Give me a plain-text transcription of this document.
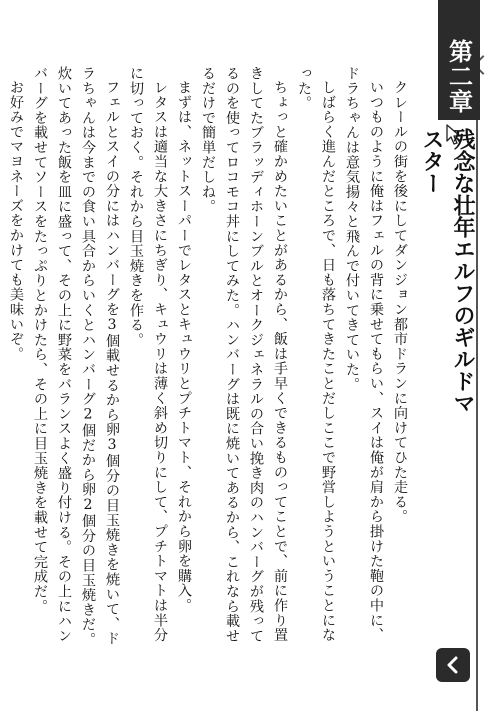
第二章
残念な壮年エルフのギルドマスター

クレールの街を後にしてダンジョン都市ドランに向けてひた走る。

いつものように俺はフェルの背に乗せてもらい、スイは俺が肩から掛けた鞄の中に、ドラちゃんは意気揚々と飛んで付いてきていた。

しばらく進んだところで、日も落ちてきたことだしここで野営しようということになった。

ちょっと確かめたいことがあるから、飯は手早くできるものってことで、前に作り置きしてたブラッディホーンブルとオークジェネラルの合い挽き肉のハンバーグが残ってるのを使ってロコモコ丼にしてみた。ハンバーグは既に焼いてあるから、これなら載せるだけで簡単だしね。

まずは、ネットスーパーでレタスとキュウリとプチトマト、それから卵を購入。

レタスは適当な大きさにちぎり、キュウリは薄く斜め切りにして、プチトマトは半分に切っておく。それから目玉焼きを作る。

フェルとスイの分にはハンバーグを3個載せるから卵3個分の目玉焼きを焼いて、ドラちゃんは今までの食い具合からいくとハンバーグ2個だから卵2個分の目玉焼きだ。炊いてあった飯を皿に盛って、その上に野菜をバランスよく盛り付ける。その上にハンバーグを載せてソースをたっぷりとかけたら、その上に目玉焼きを載せて完成だ。

お好みでマヨネーズをかけても美味いぞ。
